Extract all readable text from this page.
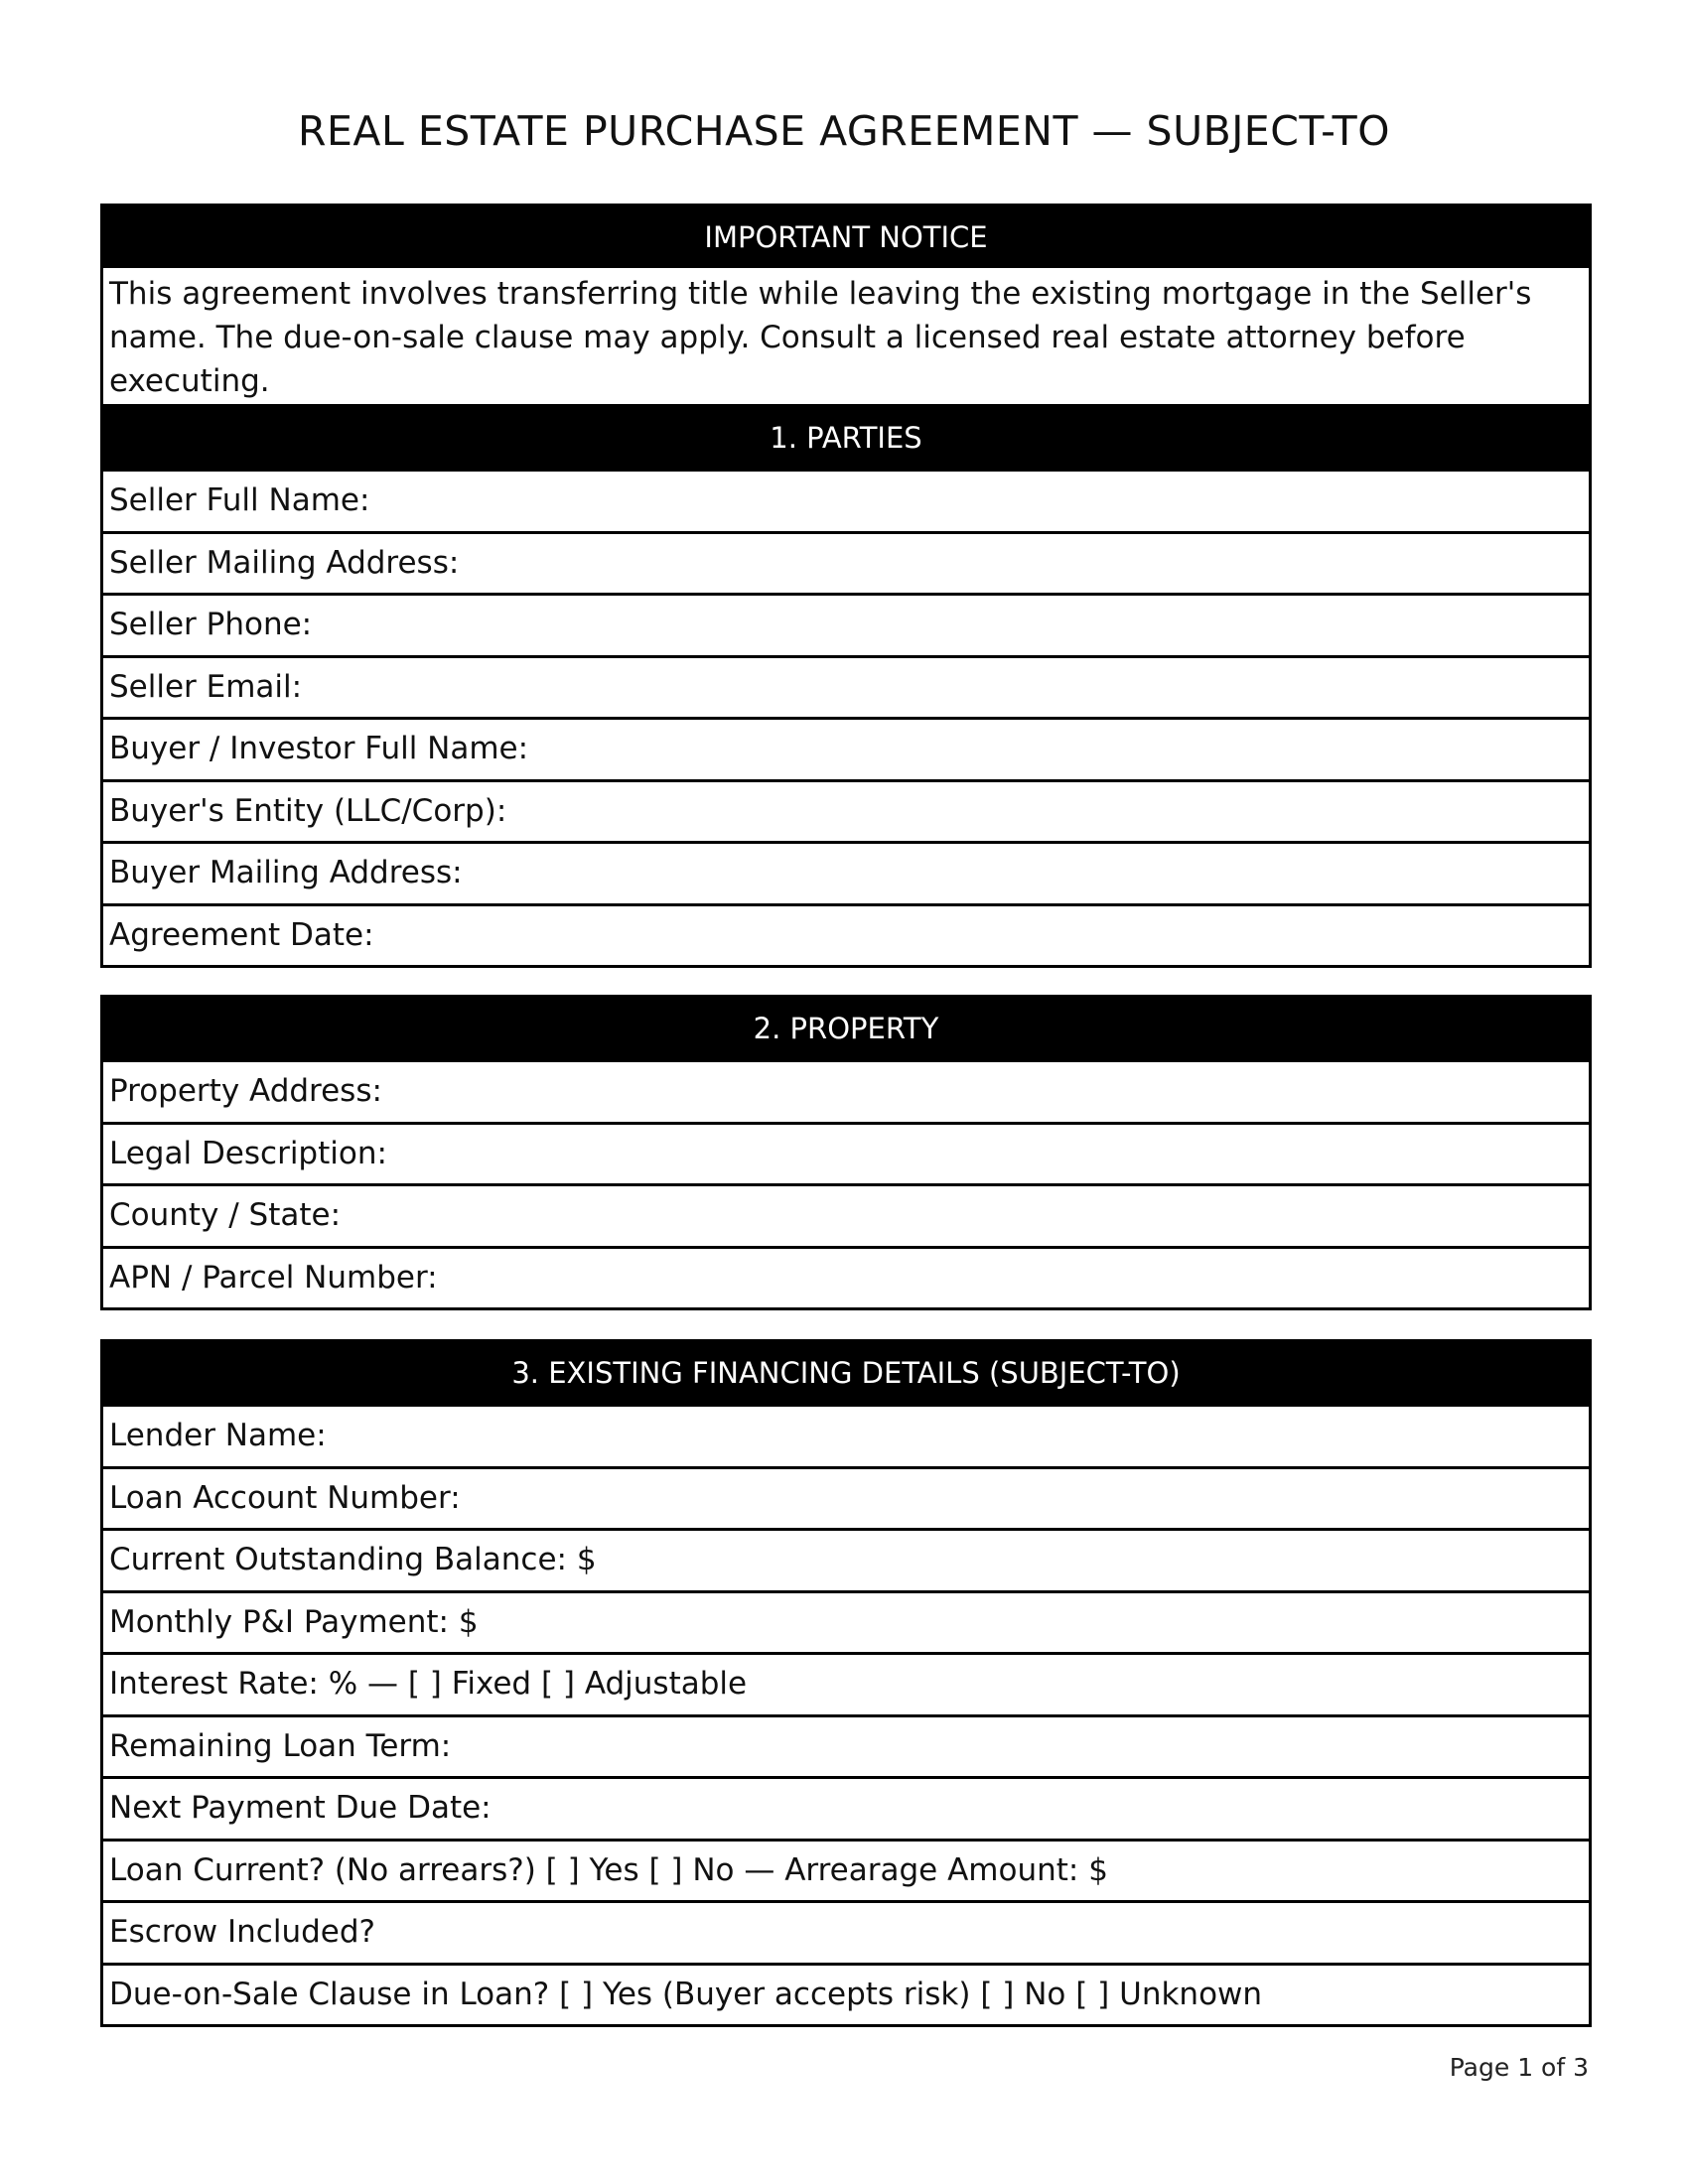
REAL ESTATE PURCHASE AGREEMENT — SUBJECT-TO
IMPORTANT NOTICE
This agreement involves transferring title while leaving the existing mortgage in the Seller's name. The due-on-sale clause may apply. Consult a licensed real estate attorney before executing.
1. PARTIES
Seller Full Name:
Seller Mailing Address:
Seller Phone:
Seller Email:
Buyer / Investor Full Name:
Buyer's Entity (LLC/Corp):
Buyer Mailing Address:
Agreement Date:
2. PROPERTY
Property Address:
Legal Description:
County / State:
APN / Parcel Number:
3. EXISTING FINANCING DETAILS (SUBJECT-TO)
Lender Name:
Loan Account Number:
Current Outstanding Balance: $
Monthly P&I Payment: $
Interest Rate: % — [ ] Fixed [ ] Adjustable
Remaining Loan Term:
Next Payment Due Date:
Loan Current? (No arrears?) [ ] Yes [ ] No — Arrearage Amount: $
Escrow Included?
Due-on-Sale Clause in Loan? [ ] Yes (Buyer accepts risk) [ ] No [ ] Unknown
Page 1 of 3
